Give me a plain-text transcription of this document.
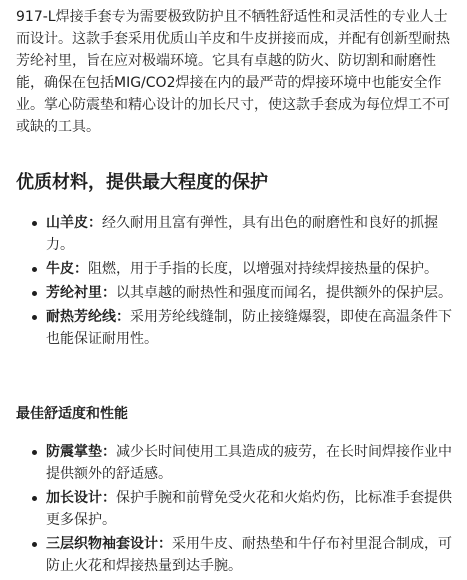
917-L焊接手套专为需要极致防护且不牺牲舒适性和灵活性的专业人士而设计。这款手套采用优质山羊皮和牛皮拼接而成，并配有创新型耐热芳纶衬里，旨在应对极端环境。它具有卓越的防火、防切割和耐磨性能，确保在包括MIG/CO2焊接在内的最严苛的焊接环境中也能安全作业。掌心防震垫和精心设计的加长尺寸，使这款手套成为每位焊工不可或缺的工具。

优质材料，提供最大程度的保护
山羊皮：经久耐用且富有弹性，具有出色的耐磨性和良好的抓握力。
牛皮：阻燃，用于手指的长度，以增强对持续焊接热量的保护。
芳纶衬里：以其卓越的耐热性和强度而闻名，提供额外的保护层。
耐热芳纶线：采用芳纶线缝制，防止接缝爆裂，即使在高温条件下也能保证耐用性。
最佳舒适度和性能
防震掌垫：减少长时间使用工具造成的疲劳，在长时间焊接作业中提供额外的舒适感。
加长设计：保护手腕和前臂免受火花和火焰灼伤，比标准手套提供更多保护。
三层织物袖套设计：采用牛皮、耐热垫和牛仔布衬里混合制成，可防止火花和焊接热量到达手腕。
